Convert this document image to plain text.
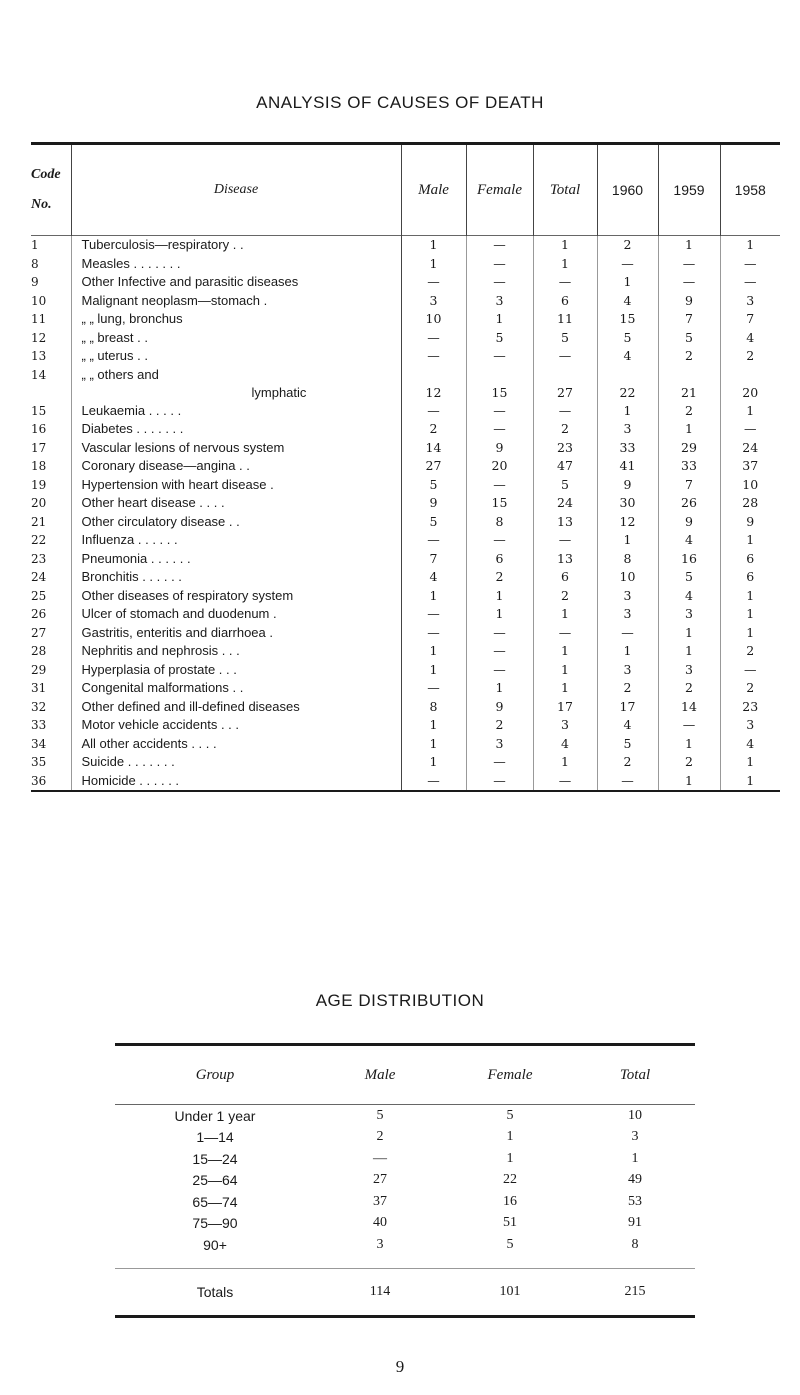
ANALYSIS OF CAUSES OF DEATH
Code
No.	Disease	Male	Female	Total	1960	1959	1958
1	Tuberculosis—respiratory . .	1	—	1	2	1	1
8	Measles . . . . . . .	1	—	1	—	—	—
9	Other Infective and parasitic diseases	—	—	—	1	—	—
10	Malignant neoplasm—stomach .	3	3	6	4	9	3
11	„ „ lung, bronchus	10	1	11	15	7	7
12	„ „ breast . .	—	5	5	5	5	4
13	„ „ uterus . .	—	—	—	4	2	2
14	„ „ others and
lymphatic	12	15	27	22	21	20
15	Leukaemia . . . . .	—	—	—	1	2	1
16	Diabetes . . . . . . .	2	—	2	3	1	—
17	Vascular lesions of nervous system	14	9	23	33	29	24
18	Coronary disease—angina . .	27	20	47	41	33	37
19	Hypertension with heart disease .	5	—	5	9	7	10
20	Other heart disease . . . .	9	15	24	30	26	28
21	Other circulatory disease . .	5	8	13	12	9	9
22	Influenza . . . . . .	—	—	—	1	4	1
23	Pneumonia . . . . . .	7	6	13	8	16	6
24	Bronchitis . . . . . .	4	2	6	10	5	6
25	Other diseases of respiratory system	1	1	2	3	4	1
26	Ulcer of stomach and duodenum .	—	1	1	3	3	1
27	Gastritis, enteritis and diarrhoea .	—	—	—	—	1	1
28	Nephritis and nephrosis . . .	1	—	1	1	1	2
29	Hyperplasia of prostate . . .	1	—	1	3	3	—
31	Congenital malformations . .	—	1	1	2	2	2
32	Other defined and ill-defined diseases	8	9	17	17	14	23
33	Motor vehicle accidents . . .	1	2	3	4	—	3
34	All other accidents . . . .	1	3	4	5	1	4
35	Suicide . . . . . . .	1	—	1	2	2	1
36	Homicide . . . . . .	—	—	—	—	1	1
AGE DISTRIBUTION
Group	Male	Female	Total
Under 1 year	5	5	10
1—14	2	1	3
15—24	—	1	1
25—64	27	22	49
65—74	37	16	53
75—90	40	51	91
90+	3	5	8

Totals	114	101	215
9
